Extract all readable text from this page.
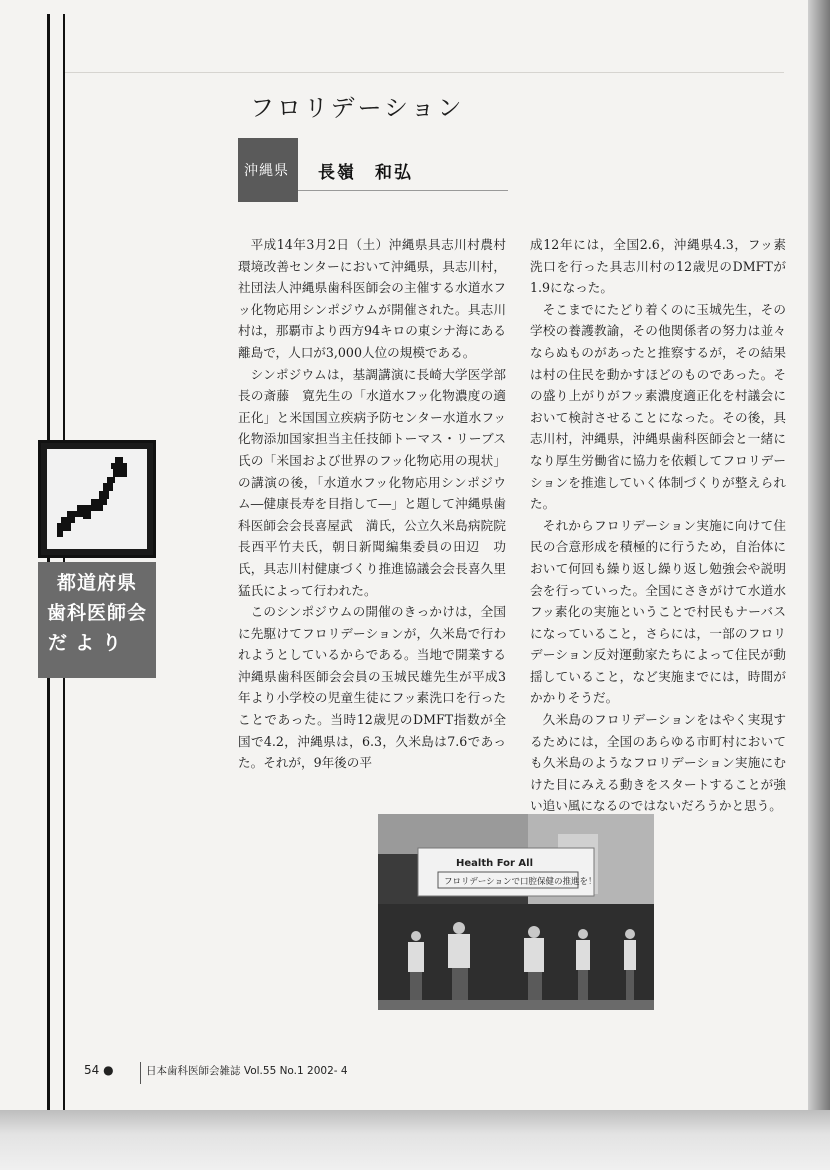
フロリデーション
沖縄県 長嶺　和弘

平成14年3月2日（土）沖縄県具志川村農村環境改善センターにおいて沖縄県，具志川村，社団法人沖縄県歯科医師会の主催する水道水フッ化物応用シンポジウムが開催された。具志川村は，那覇市より西方94キロの東シナ海にある離島で，人口が3,000人位の規模である。

シンポジウムは，基調講演に長崎大学医学部長の斎藤　寛先生の「水道水フッ化物濃度の適正化」と米国国立疾病予防センター水道水フッ化物添加国家担当主任技師トーマス・リーブス氏の「米国および世界のフッ化物応用の現状」の講演の後，「水道水フッ化物応用シンポジウム―健康長寿を目指して―」と題して沖縄県歯科医師会会長喜屋武　満氏，公立久米島病院院長西平竹夫氏，朝日新聞編集委員の田辺　功氏，具志川村健康づくり推進協議会会長喜久里　猛氏によって行われた。

このシンポジウムの開催のきっかけは，全国に先駆けてフロリデーションが，久米島で行われようとしているからである。当地で開業する沖縄県歯科医師会会員の玉城民雄先生が平成3年より小学校の児童生徒にフッ素洗口を行ったことであった。当時12歳児のDMFT指数が全国で4.2，沖縄県は，6.3，久米島は7.6であった。それが，9年後の平

成12年には，全国2.6，沖縄県4.3，フッ素洗口を行った具志川村の12歳児のDMFTが1.9になった。

そこまでにたどり着くのに玉城先生，その学校の養護教諭，その他関係者の努力は並々ならぬものがあったと推察するが，その結果は村の住民を動かすほどのものであった。その盛り上がりがフッ素濃度適正化を村議会において検討させることになった。その後，具志川村，沖縄県，沖縄県歯科医師会と一緒になり厚生労働省に協力を依頼してフロリデーションを推進していく体制づくりが整えられた。

それからフロリデーション実施に向けて住民の合意形成を積極的に行うため，自治体において何回も繰り返し繰り返し勉強会や説明会を行っていった。全国にさきがけて水道水フッ素化の実施ということで村民もナーバスになっていること，さらには，一部のフロリデーション反対運動家たちによって住民が動揺していること，など実施までには，時間がかかりそうだ。

久米島のフロリデーションをはやく実現するためには，全国のあらゆる市町村においても久米島のようなフロリデーション実施にむけた目にみえる動きをスタートすることが強い追い風になるのではないだろうかと思う。

都道府県
歯科医師会
だより
Health For All
フロリデーションで口腔保健の推進を！
54 ●	日本歯科医師会雑誌 Vol.55 No.1 2002- 4
